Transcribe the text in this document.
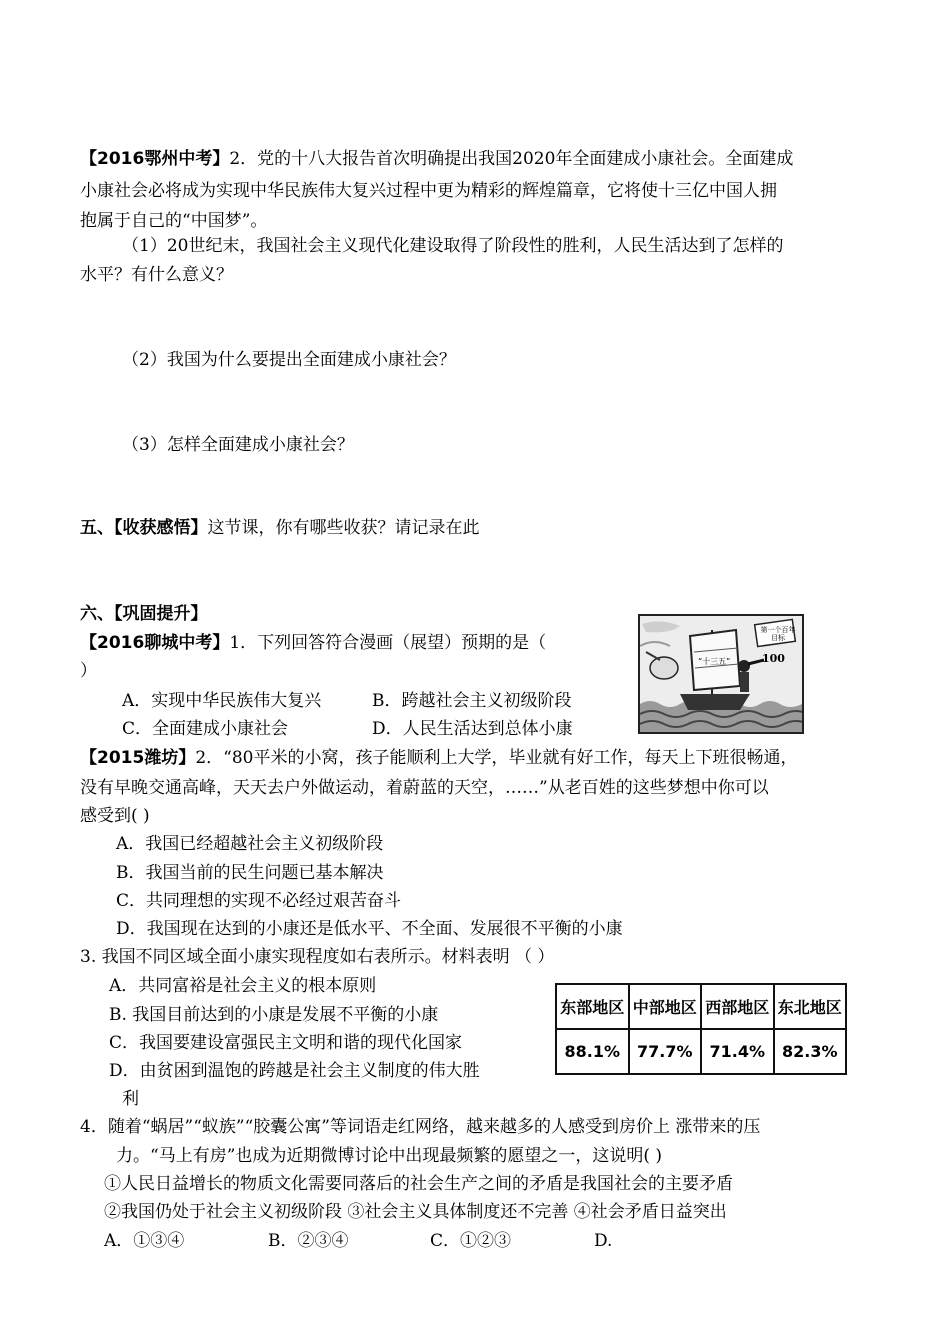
【2016鄂州中考】2．党的十八大报告首次明确提出我国2020年全面建成小康社会。全面建成
小康社会必将成为实现中华民族伟大复兴过程中更为精彩的辉煌篇章，它将使十三亿中国人拥
抱属于自己的“中国梦”。
（1）20世纪末，我国社会主义现代化建设取得了阶段性的胜利，人民生活达到了怎样的
水平？有什么意义？
（2）我国为什么要提出全面建成小康社会？
（3）怎样全面建成小康社会？
五、【收获感悟】这节课，你有哪些收获？请记录在此
六、【巩固提升】
【2016聊城中考】1．下列回答符合漫画（展望）预期的是（
）
A．实现中华民族伟大复兴	B．跨越社会主义初级阶段
C．全面建成小康社会	D．人民生活达到总体小康
第一个百年目标
“十三五”	100
【2015潍坊】2．“80平米的小窝，孩子能顺利上大学，毕业就有好工作，每天上下班很畅通，
没有早晚交通高峰，天天去户外做运动，着蔚蓝的天空，……”从老百姓的这些梦想中你可以
感受到( )
A．我国已经超越社会主义初级阶段
B．我国当前的民生问题已基本解决
C．共同理想的实现不必经过艰苦奋斗
D．我国现在达到的小康还是低水平、不全面、发展很不平衡的小康
3. 我国不同区域全面小康实现程度如右表所示。材料表明 （ ）
A．共同富裕是社会主义的根本原则
B. 我国目前达到的小康是发展不平衡的小康
C．我国要建设富强民主文明和谐的现代化国家
D．由贫困到温饱的跨越是社会主义制度的伟大胜
利
东部地区	中部地区	西部地区	东北地区
88.1%	77.7%	71.4%	82.3%
4．随着“蜗居”“蚁族”“胶囊公寓”等词语走红网络，越来越多的人感受到房价上 涨带来的压
力。“马上有房”也成为近期微博讨论中出现最频繁的愿望之一，这说明( )
①人民日益增长的物质文化需要同落后的社会生产之间的矛盾是我国社会的主要矛盾
②我国仍处于社会主义初级阶段 ③社会主义具体制度还不完善 ④社会矛盾日益突出
A．①③④	B．②③④	C．①②③	D.
